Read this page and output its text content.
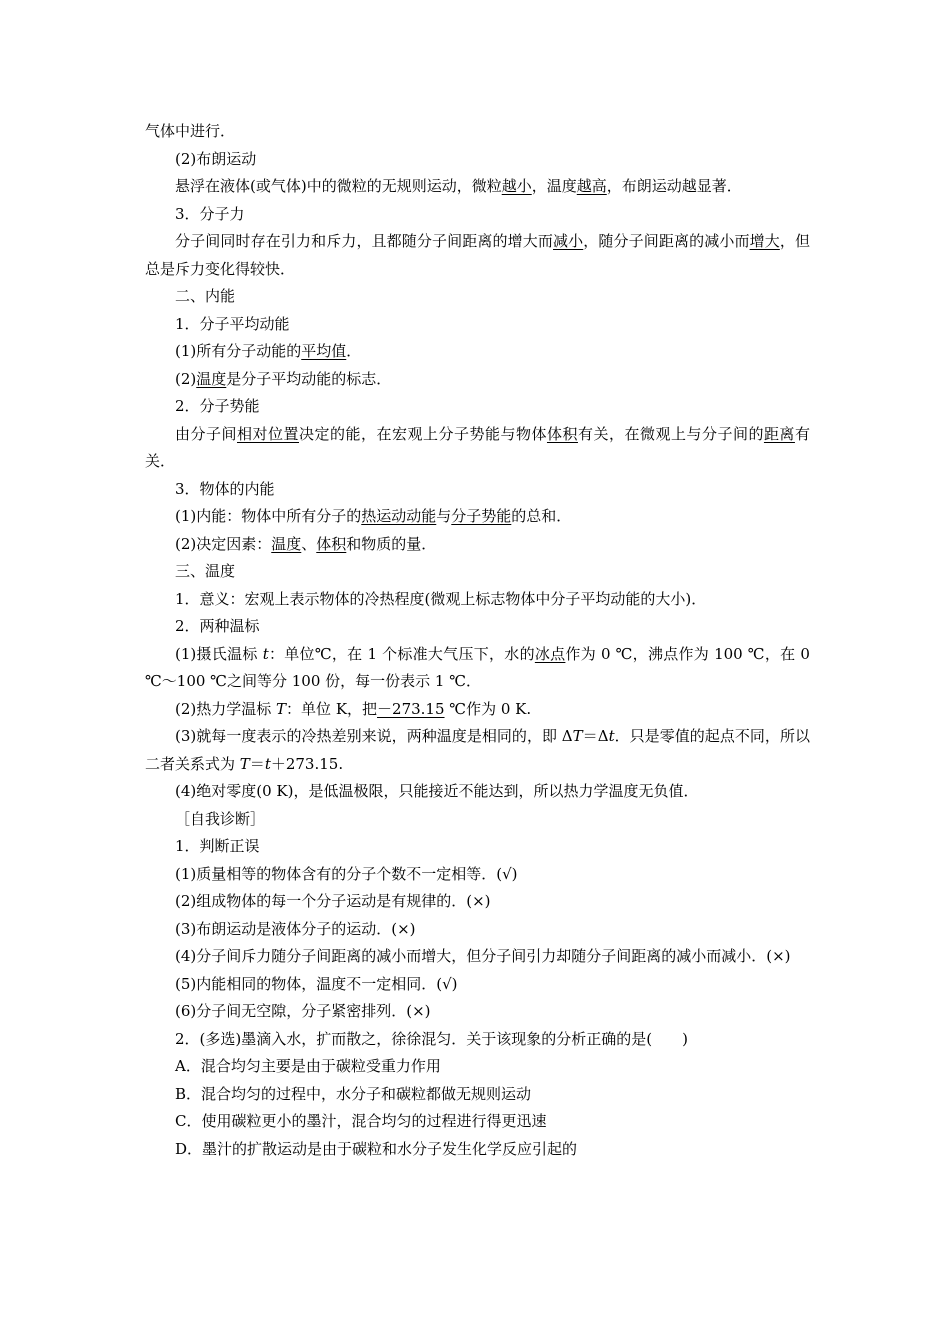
气体中进行．

(2)布朗运动

悬浮在液体(或气体)中的微粒的无规则运动，微粒越小，温度越高，布朗运动越显著．

3．分子力

分子间同时存在引力和斥力，且都随分子间距离的增大而减小，随分子间距离的减小而增大，但总是斥力变化得较快．

二、内能

1．分子平均动能

(1)所有分子动能的平均值．

(2)温度是分子平均动能的标志．

2．分子势能

由分子间相对位置决定的能，在宏观上分子势能与物体体积有关，在微观上与分子间的距离有关．

3．物体的内能

(1)内能：物体中所有分子的热运动动能与分子势能的总和．

(2)决定因素：温度、体积和物质的量．

三、温度

1．意义：宏观上表示物体的冷热程度(微观上标志物体中分子平均动能的大小)．

2．两种温标

(1)摄氏温标 t：单位℃，在 1 个标准大气压下，水的冰点作为 0 ℃，沸点作为 100 ℃，在 0 ℃～100 ℃之间等分 100 份，每一份表示 1 ℃．

(2)热力学温标 T：单位 K，把－273.15 ℃作为 0 K.

(3)就每一度表示的冷热差别来说，两种温度是相同的，即 ΔT＝Δt．只是零值的起点不同，所以二者关系式为 T＝t＋273.15.

(4)绝对零度(0 K)，是低温极限，只能接近不能达到，所以热力学温度无负值．

［自我诊断］

1．判断正误

(1)质量相等的物体含有的分子个数不一定相等．(√)

(2)组成物体的每一个分子运动是有规律的．(×)

(3)布朗运动是液体分子的运动．(×)

(4)分子间斥力随分子间距离的减小而增大，但分子间引力却随分子间距离的减小而减小．(×)

(5)内能相同的物体，温度不一定相同．(√)

(6)分子间无空隙，分子紧密排列．(×)

2．(多选)墨滴入水，扩而散之，徐徐混匀．关于该现象的分析正确的是(　　)

A．混合均匀主要是由于碳粒受重力作用

B．混合均匀的过程中，水分子和碳粒都做无规则运动

C．使用碳粒更小的墨汁，混合均匀的过程进行得更迅速

D．墨汁的扩散运动是由于碳粒和水分子发生化学反应引起的
